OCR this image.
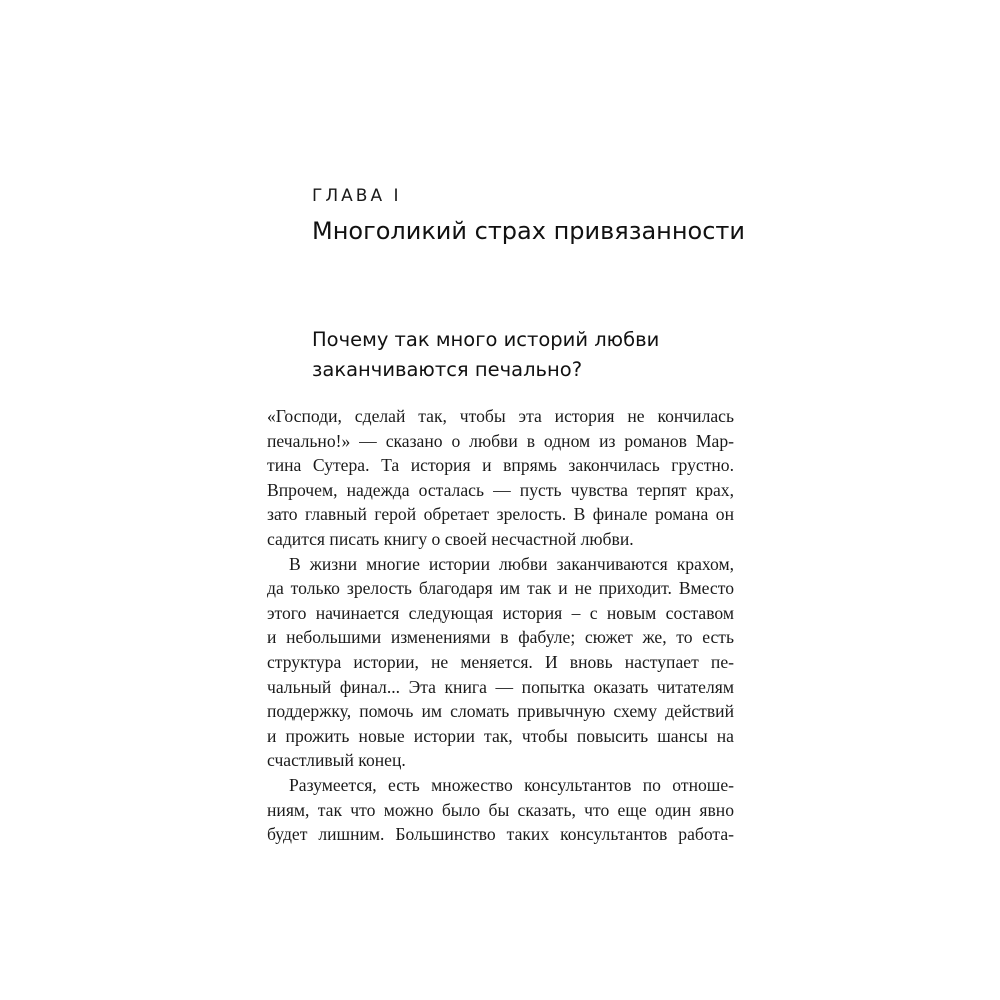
ГЛАВА I
Многоликий страх привязанности
Почему так много историй любви
заканчиваются печально?
«Господи, сделай так, чтобы эта история не кончилась
печально!» — сказано о любви в одном из романов Мар-
тина Сутера. Та история и впрямь закончилась грустно.
Впрочем, надежда осталась — пусть чувства терпят крах,
зато главный герой обретает зрелость. В финале романа он
садится писать книгу о своей несчастной любви.
В жизни многие истории любви заканчиваются крахом,
да только зрелость благодаря им так и не приходит. Вместо
этого начинается следующая история – с новым составом
и небольшими изменениями в фабуле; сюжет же, то есть
структура истории, не меняется. И вновь наступает пе-
чальный финал... Эта книга — попытка оказать читателям
поддержку, помочь им сломать привычную схему действий
и прожить новые истории так, чтобы повысить шансы на
счастливый конец.
Разумеется, есть множество консультантов по отноше-
ниям, так что можно было бы сказать, что еще один явно
будет лишним. Большинство таких консультантов работа-
